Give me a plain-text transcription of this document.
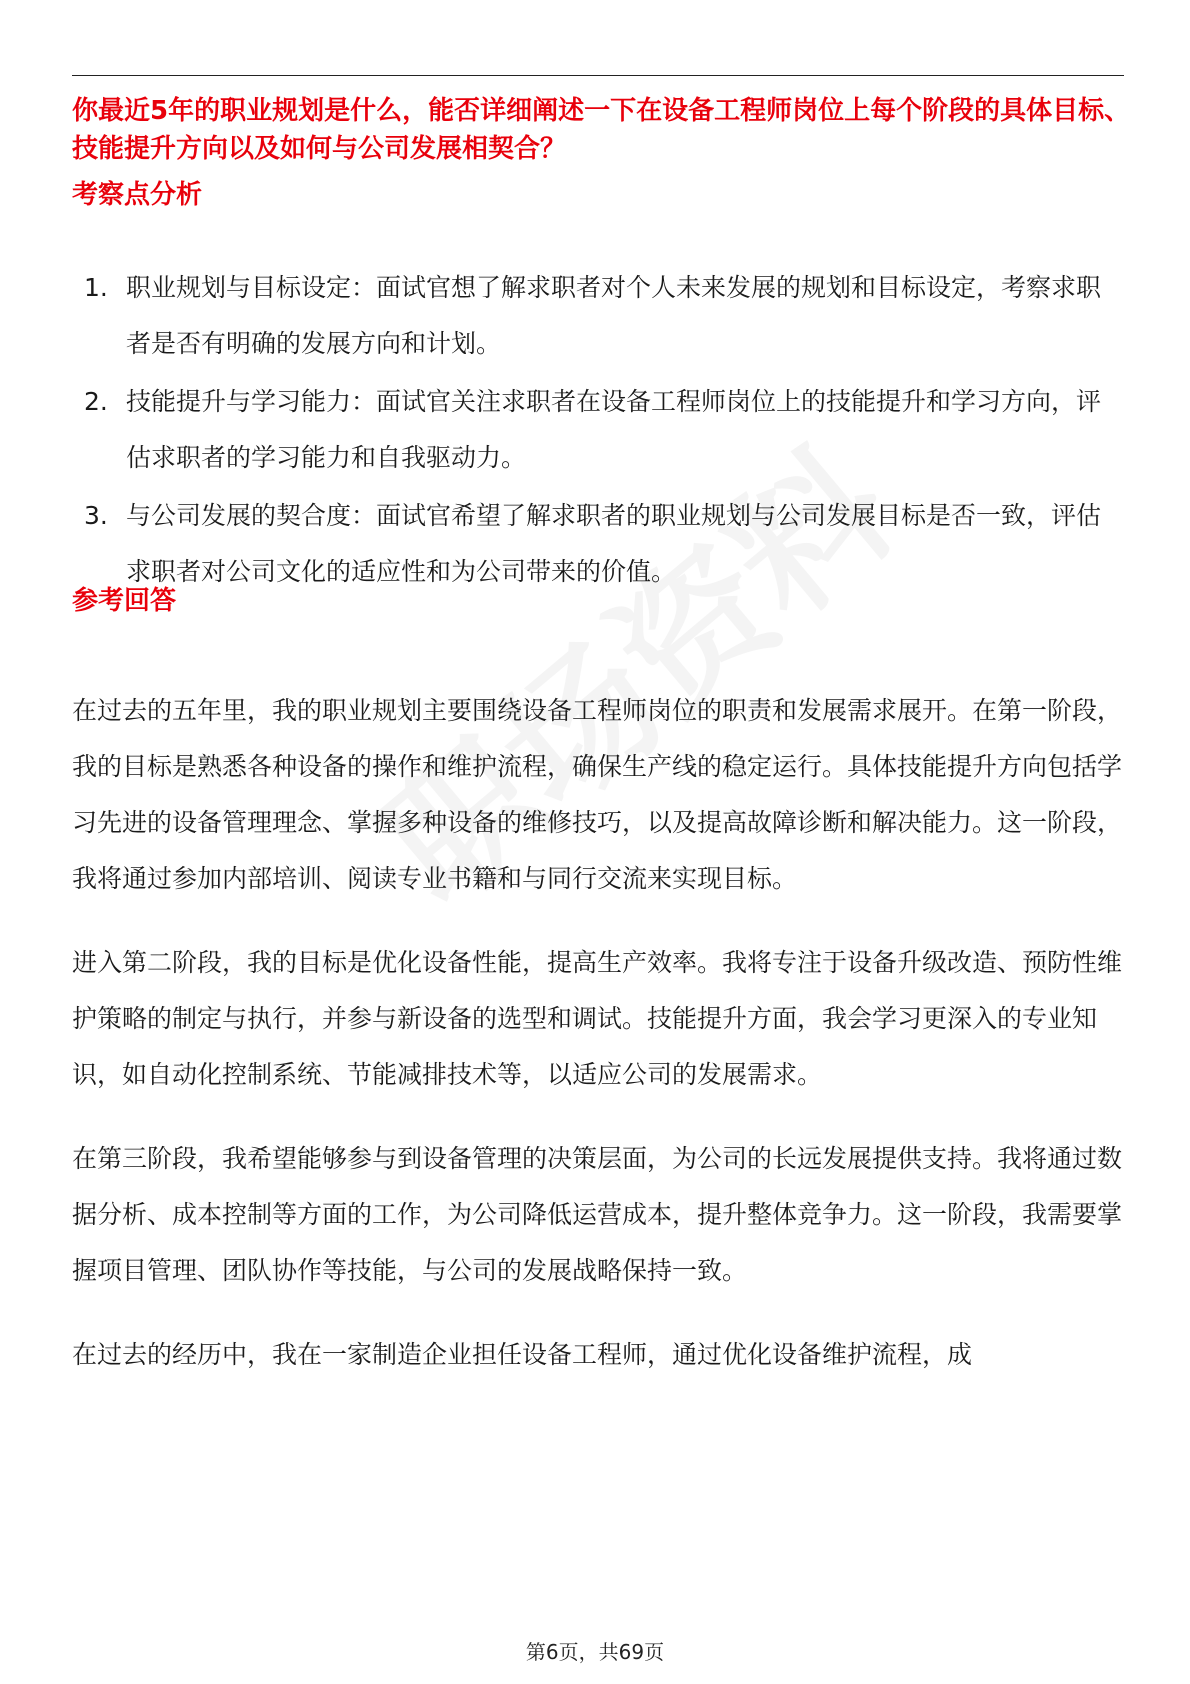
你最近5年的职业规划是什么，能否详细阐述一下在设备工程师岗位上每个阶段的具体目标、技能提升方向以及如何与公司发展相契合？
考察点分析
1. 职业规划与目标设定：面试官想了解求职者对个人未来发展的规划和目标设定，考察求职者是否有明确的发展方向和计划。
2. 技能提升与学习能力：面试官关注求职者在设备工程师岗位上的技能提升和学习方向，评估求职者的学习能力和自我驱动力。
3. 与公司发展的契合度：面试官希望了解求职者的职业规划与公司发展目标是否一致，评估求职者对公司文化的适应性和为公司带来的价值。
参考回答

在过去的五年里，我的职业规划主要围绕设备工程师岗位的职责和发展需求展开。在第一阶段，我的目标是熟悉各种设备的操作和维护流程，确保生产线的稳定运行。具体技能提升方向包括学习先进的设备管理理念、掌握多种设备的维修技巧，以及提高故障诊断和解决能力。这一阶段，我将通过参加内部培训、阅读专业书籍和与同行交流来实现目标。

进入第二阶段，我的目标是优化设备性能，提高生产效率。我将专注于设备升级改造、预防性维护策略的制定与执行，并参与新设备的选型和调试。技能提升方面，我会学习更深入的专业知识，如自动化控制系统、节能减排技术等，以适应公司的发展需求。

在第三阶段，我希望能够参与到设备管理的决策层面，为公司的长远发展提供支持。我将通过数据分析、成本控制等方面的工作，为公司降低运营成本，提升整体竞争力。这一阶段，我需要掌握项目管理、团队协作等技能，与公司的发展战略保持一致。

在过去的经历中，我在一家制造企业担任设备工程师，通过优化设备维护流程，成

第6页，共69页
